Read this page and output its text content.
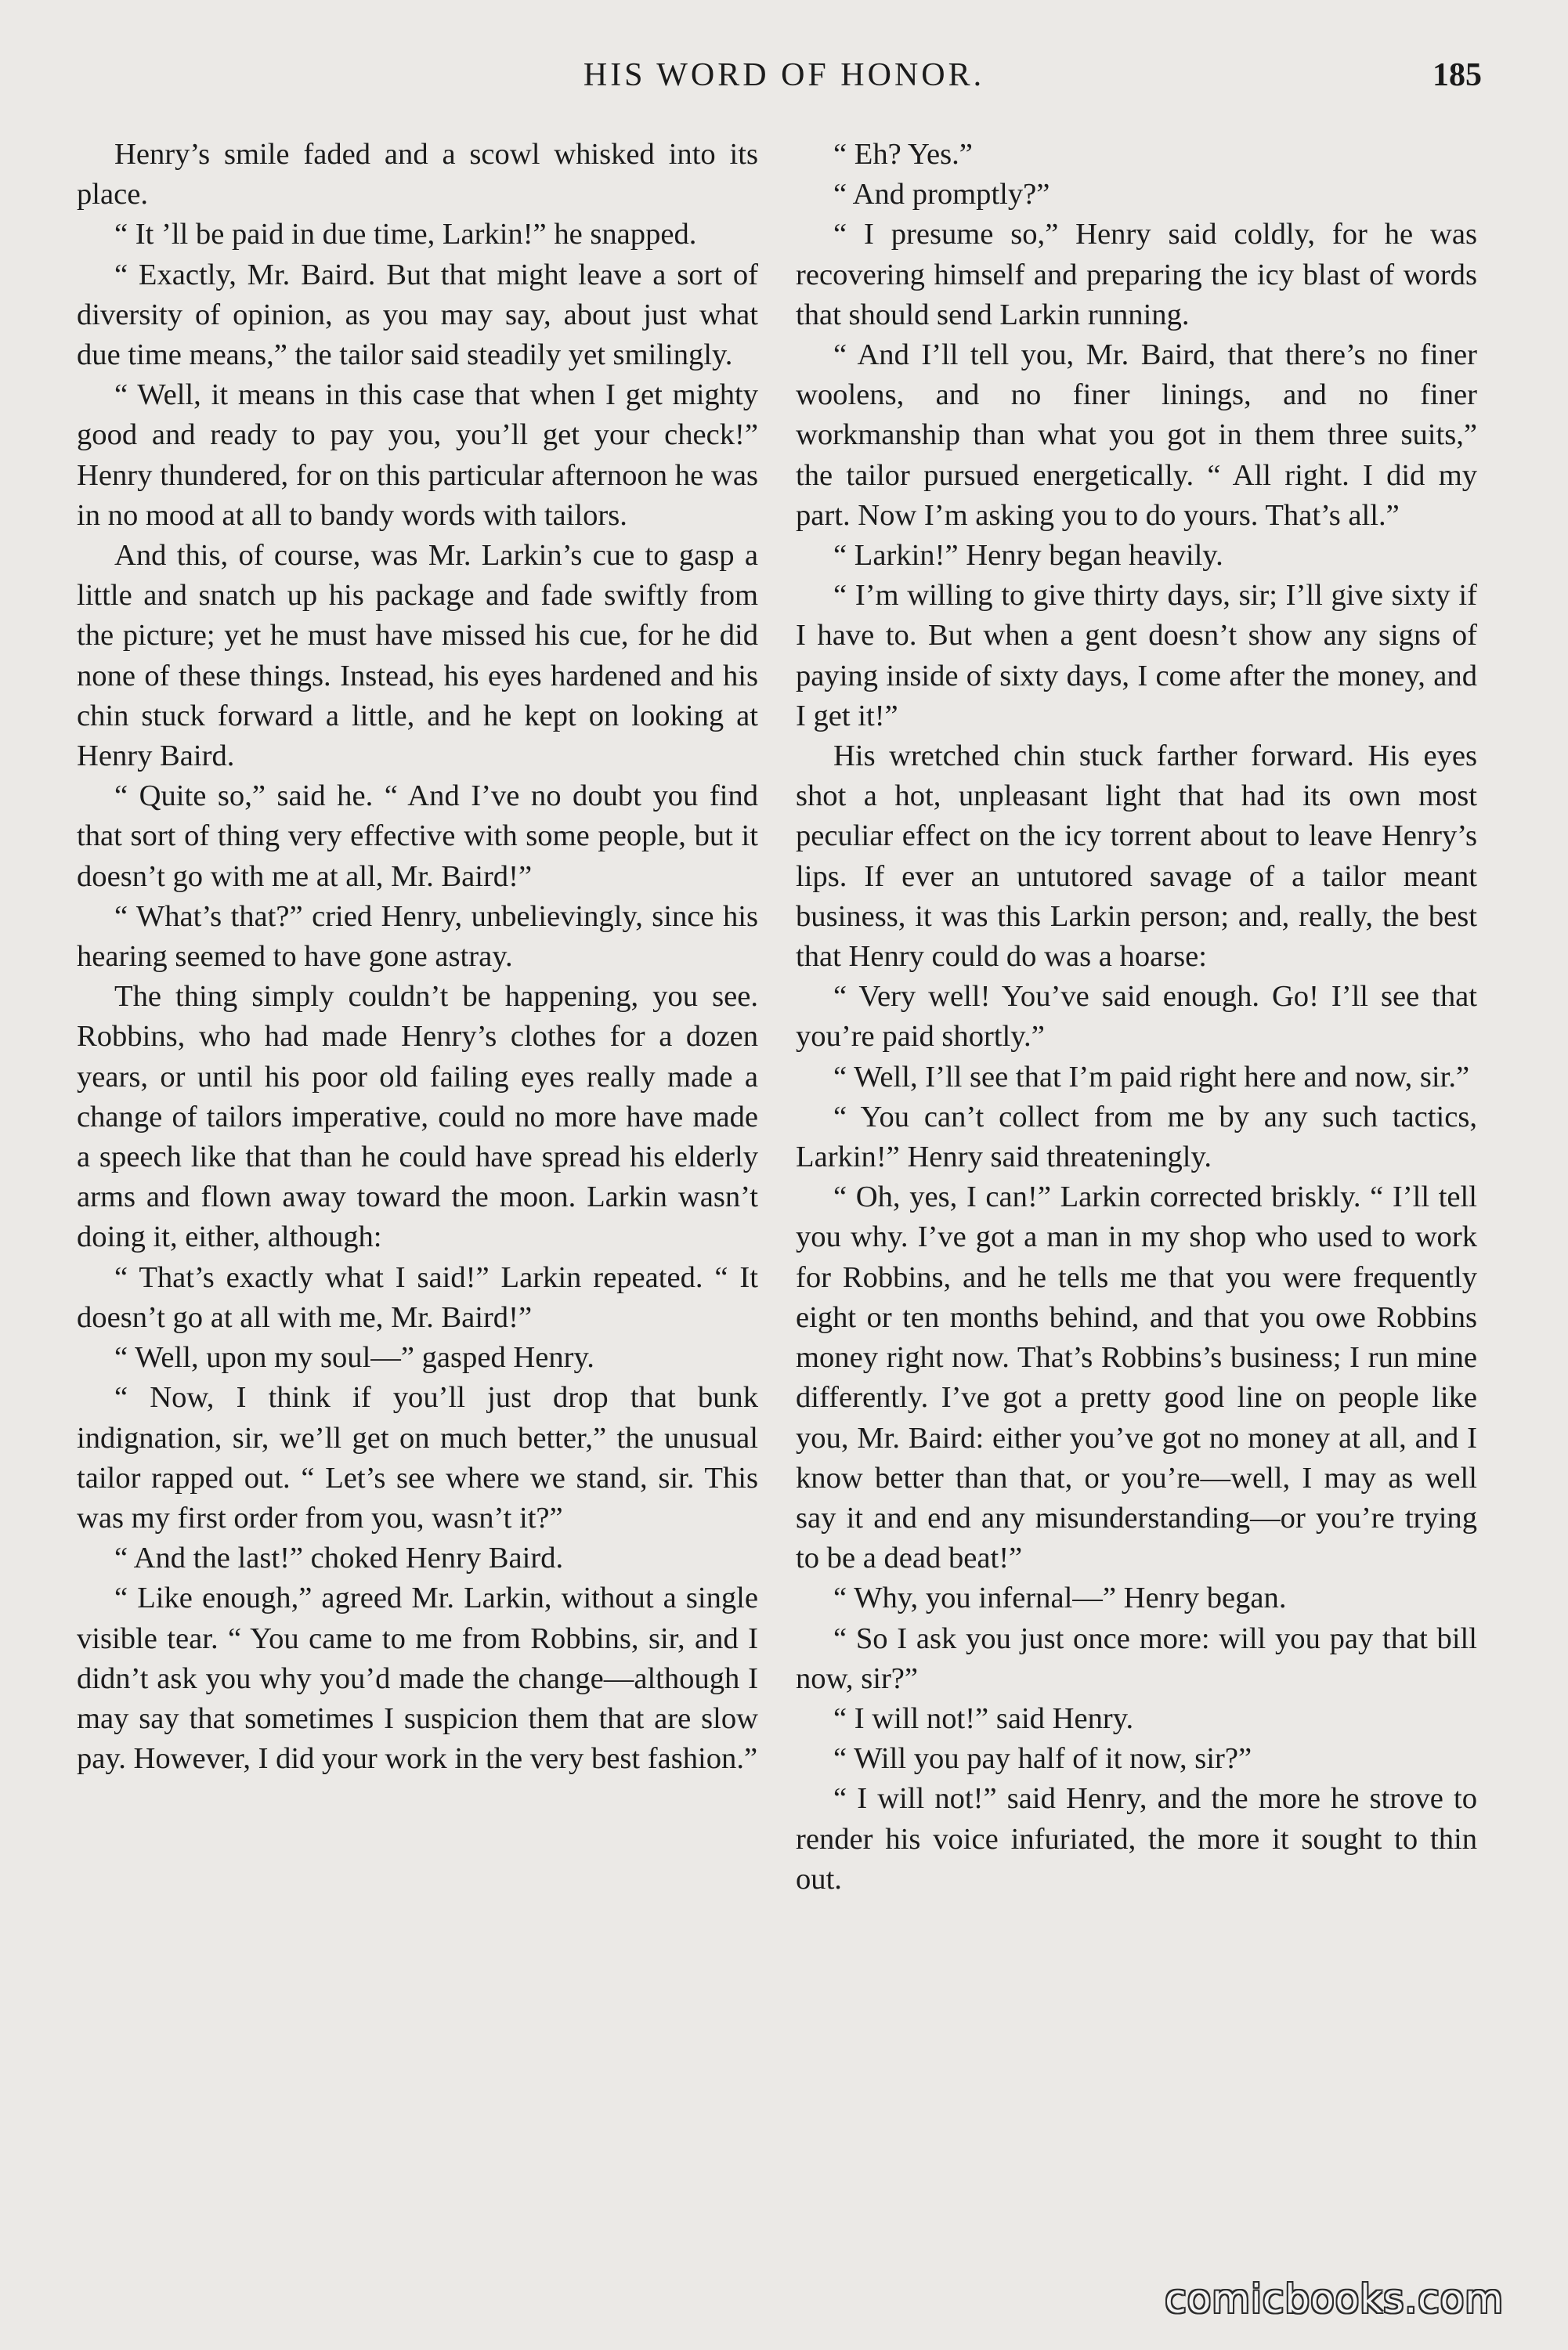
HIS WORD OF HONOR.	185

Henry’s smile faded and a scowl whisked into its place.

“ It ’ll be paid in due time, Larkin!” he snapped.

“ Exactly, Mr. Baird. But that might leave a sort of diversity of opinion, as you may say, about just what due time means,” the tailor said steadily yet smilingly.

“ Well, it means in this case that when I get mighty good and ready to pay you, you’ll get your check!” Henry thundered, for on this particular afternoon he was in no mood at all to bandy words with tailors.

And this, of course, was Mr. Larkin’s cue to gasp a little and snatch up his package and fade swiftly from the picture; yet he must have missed his cue, for he did none of these things. Instead, his eyes hardened and his chin stuck forward a little, and he kept on looking at Henry Baird.

“ Quite so,” said he. “ And I’ve no doubt you find that sort of thing very effective with some people, but it doesn’t go with me at all, Mr. Baird!”

“ What’s that?” cried Henry, unbelievingly, since his hearing seemed to have gone astray.

The thing simply couldn’t be happening, you see. Robbins, who had made Henry’s clothes for a dozen years, or until his poor old failing eyes really made a change of tailors imperative, could no more have made a speech like that than he could have spread his elderly arms and flown away toward the moon. Larkin wasn’t doing it, either, although:

“ That’s exactly what I said!” Larkin repeated. “ It doesn’t go at all with me, Mr. Baird!”

“ Well, upon my soul—” gasped Henry.

“ Now, I think if you’ll just drop that bunk indignation, sir, we’ll get on much better,” the unusual tailor rapped out. “ Let’s see where we stand, sir. This was my first order from you, wasn’t it?”

“ And the last!” choked Henry Baird.

“ Like enough,” agreed Mr. Larkin, without a single visible tear. “ You came to me from Robbins, sir, and I didn’t ask you why you’d made the change—although I may say that sometimes I suspicion them that are slow pay. However, I did your work in the very best fashion.”

“ Eh? Yes.”

“ And promptly?”

“ I presume so,” Henry said coldly, for he was recovering himself and preparing the icy blast of words that should send Larkin running.

“ And I’ll tell you, Mr. Baird, that there’s no finer woolens, and no finer linings, and no finer workmanship than what you got in them three suits,” the tailor pursued energetically. “ All right. I did my part. Now I’m asking you to do yours. That’s all.”

“ Larkin!” Henry began heavily.

“ I’m willing to give thirty days, sir; I’ll give sixty if I have to. But when a gent doesn’t show any signs of paying inside of sixty days, I come after the money, and I get it!”

His wretched chin stuck farther forward. His eyes shot a hot, unpleasant light that had its own most peculiar effect on the icy torrent about to leave Henry’s lips. If ever an untutored savage of a tailor meant business, it was this Larkin person; and, really, the best that Henry could do was a hoarse:

“ Very well! You’ve said enough. Go! I’ll see that you’re paid shortly.”

“ Well, I’ll see that I’m paid right here and now, sir.”

“ You can’t collect from me by any such tactics, Larkin!” Henry said threateningly.

“ Oh, yes, I can!” Larkin corrected briskly. “ I’ll tell you why. I’ve got a man in my shop who used to work for Robbins, and he tells me that you were frequently eight or ten months behind, and that you owe Robbins money right now. That’s Robbins’s business; I run mine differently. I’ve got a pretty good line on people like you, Mr. Baird: either you’ve got no money at all, and I know better than that, or you’re—well, I may as well say it and end any misunderstanding—or you’re trying to be a dead beat!”

“ Why, you infernal—” Henry began.

“ So I ask you just once more: will you pay that bill now, sir?”

“ I will not!” said Henry.

“ Will you pay half of it now, sir?”

“ I will not!” said Henry, and the more he strove to render his voice infuriated, the more it sought to thin out.

comicbooks.com
